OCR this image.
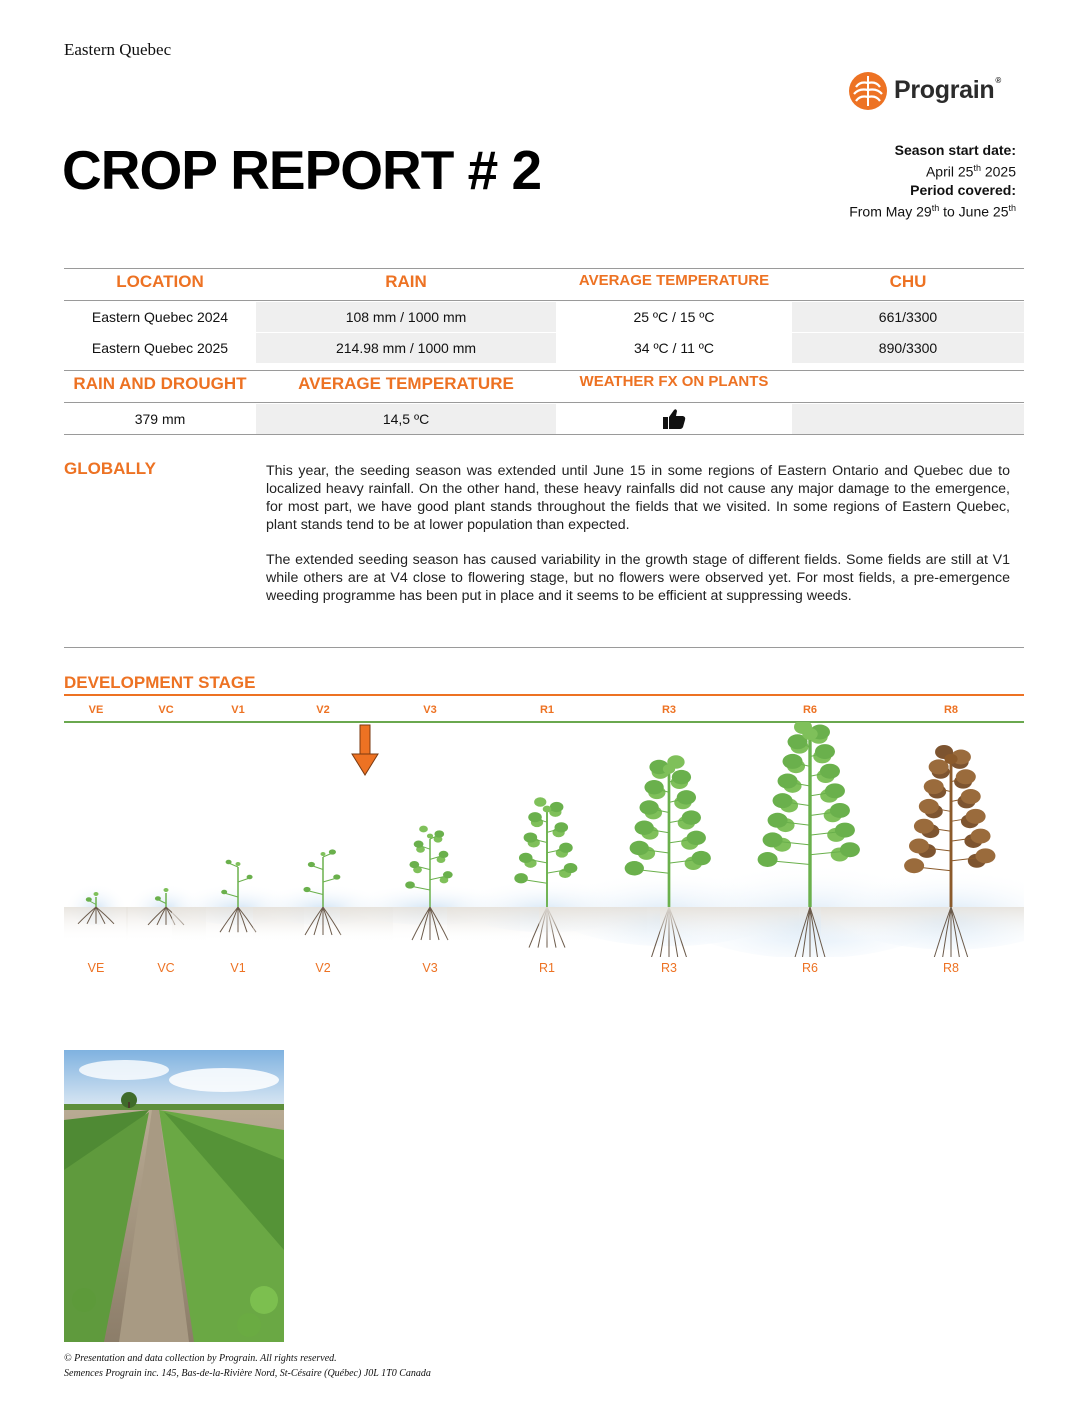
Eastern Quebec
Prograin®
CROP REPORT # 2	Season start date:
April 25th 2025
Period covered:
From May 29th to June 25th
LOCATION	RAIN	AVERAGE TEMPERATURE	CHU
Eastern Quebec 2024	108 mm / 1000 mm	25 ºC / 15 ºC	661/3300
Eastern Quebec 2025	214.98 mm / 1000 mm	34 ºC / 11 ºC	890/3300
RAIN AND DROUGHT	AVERAGE TEMPERATURE	WEATHER FX ON PLANTS
379 mm	14,5 ºC
GLOBALLY	This year, the seeding season was extended until June 15 in some regions of Eastern Ontario and Quebec due to localized heavy rainfall. On the other hand, these heavy rainfalls did not cause any major damage to the emergence, for most part, we have good plant stands throughout the fields that we visited. In some regions of Eastern Quebec, plant stands tend to be at lower population than expected.
The extended seeding season has caused variability in the growth stage of different fields. Some fields are still at V1 while others are at V4 close to flowering stage, but no flowers were observed yet. For most fields, a pre-emergence weeding programme has been put in place and it seems to be efficient at suppressing weeds.
DEVELOPMENT STAGE
VE	VC	V1	V2	V3	R1	R3	R6	R8
VE	VC	V1	V2	V3	R1	R3	R6	R8
© Presentation and data collection by Prograin. All rights reserved.
Semences Prograin inc. 145, Bas-de-la-Rivière Nord, St-Césaire (Québec) J0L 1T0 Canada
